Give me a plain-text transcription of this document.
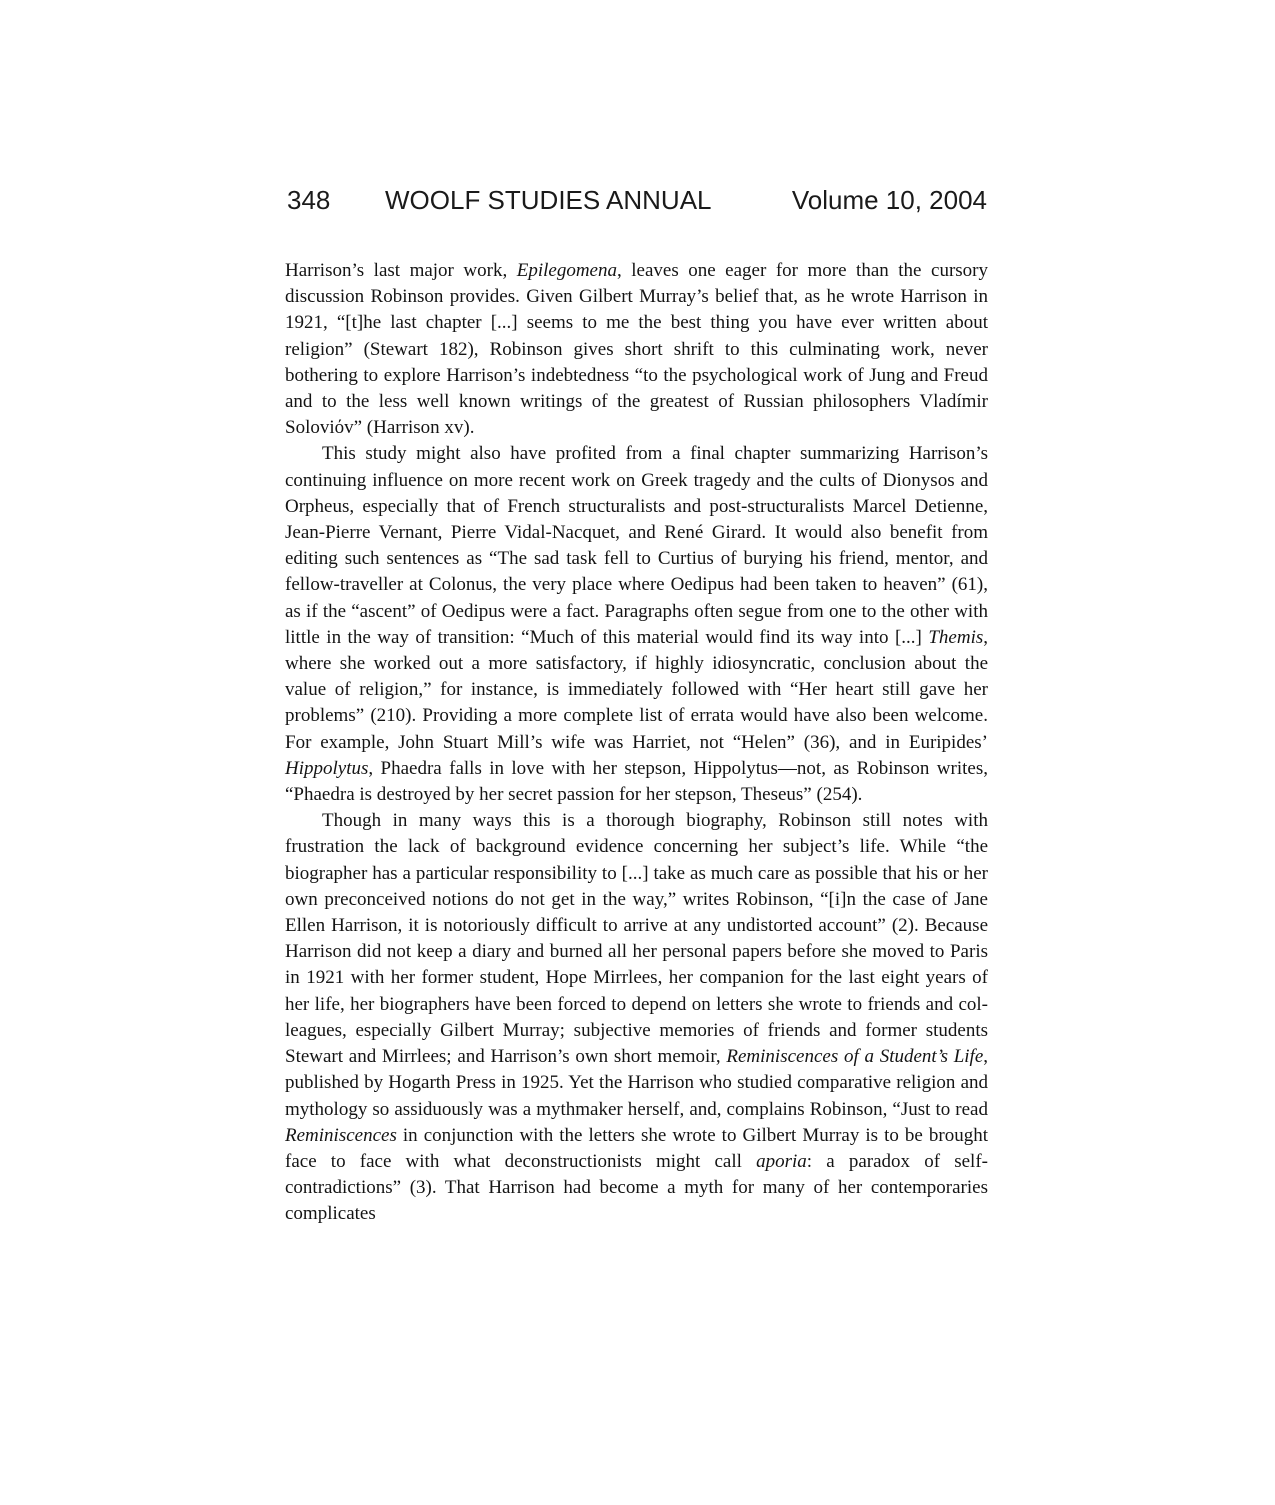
348 WOOLF STUDIES ANNUAL	Volume 10, 2004

Harrison’s last major work, Epilegomena, leaves one eager for more than the cursory discussion Robinson provides. Given Gilbert Murray’s belief that, as he wrote Harrison in 1921, “[t]he last chapter [...] seems to me the best thing you have ever written about religion” (Stewart 182), Robinson gives short shrift to this culminating work, never bothering to explore Harrison’s indebtedness “to the psychological work of Jung and Freud and to the less well known writings of the greatest of Russian philosophers Vladímir Soloviόv” (Harrison xv).

This study might also have profited from a final chapter summarizing Harrison’s continuing influence on more recent work on Greek tragedy and the cults of Dionysos and Orpheus, especially that of French structuralists and post-structuralists Marcel Detienne, Jean-Pierre Vernant, Pierre Vidal-Nacquet, and René Girard. It would also benefit from editing such sentences as “The sad task fell to Curtius of burying his friend, mentor, and fellow-traveller at Colonus, the very place where Oedipus had been taken to heaven” (61), as if the “ascent” of Oedipus were a fact. Paragraphs often segue from one to the other with little in the way of transition: “Much of this material would find its way into [...] Themis, where she worked out a more satisfactory, if highly idiosyncratic, conclusion about the value of religion,” for instance, is immediately followed with “Her heart still gave her problems” (210). Providing a more complete list of errata would have also been welcome. For example, John Stuart Mill’s wife was Harriet, not “Helen” (36), and in Euripides’ Hippolytus, Phaedra falls in love with her stepson, Hippolytus—not, as Robinson writes, “Phaedra is destroyed by her secret passion for her stepson, Theseus” (254).

Though in many ways this is a thorough biography, Robinson still notes with frustration the lack of background evidence concerning her subject’s life. While “the biographer has a particular responsibility to [...] take as much care as possible that his or her own preconceived notions do not get in the way,” writes Robinson, “[i]n the case of Jane Ellen Harrison, it is notoriously difficult to arrive at any undistorted account” (2). Because Harrison did not keep a diary and burned all her personal papers before she moved to Paris in 1921 with her former student, Hope Mirrlees, her companion for the last eight years of her life, her biographers have been forced to depend on letters she wrote to friends and colleagues, especially Gilbert Murray; subjective memories of friends and former students Stewart and Mirrlees; and Harrison’s own short memoir, Reminiscences of a Student’s Life, published by Hogarth Press in 1925. Yet the Harrison who studied comparative religion and mythology so assiduously was a mythmaker herself, and, complains Robinson, “Just to read Reminiscences in conjunction with the letters she wrote to Gilbert Murray is to be brought face to face with what deconstructionists might call aporia: a paradox of self-contradictions” (3). That Harrison had become a myth for many of her contemporaries complicates
